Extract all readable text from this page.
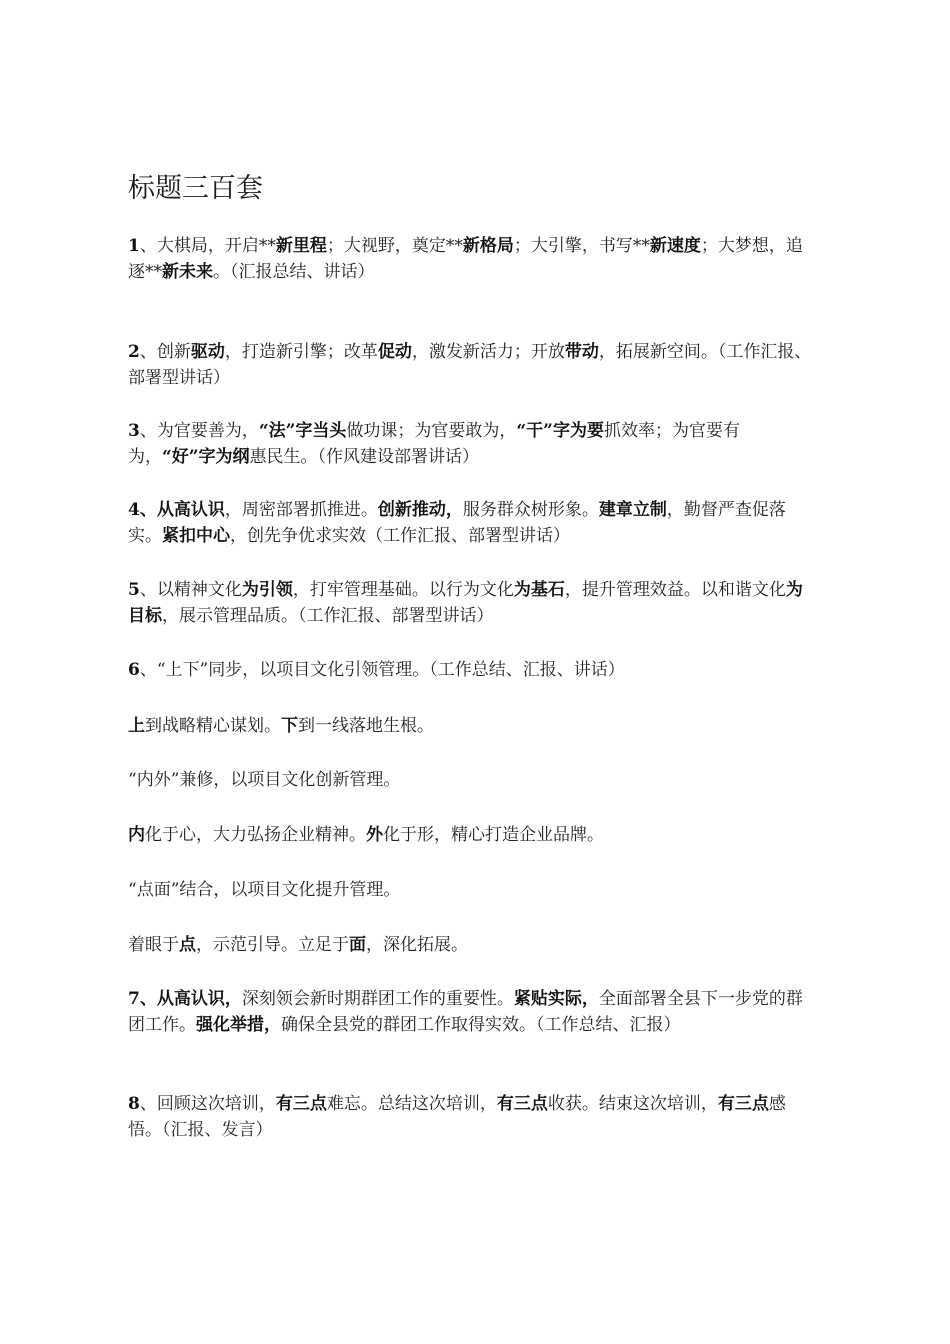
标题三百套

1、大棋局，开启**新里程；大视野，奠定**新格局；大引擎，书写**新速度；大梦想，追逐**新未来。（汇报总结、讲话）

2、创新驱动，打造新引擎；改革促动，激发新活力；开放带动，拓展新空间。（工作汇报、部署型讲话）

3、为官要善为，“法”字当头做功课；为官要敢为，“干”字为要抓效率；为官要有为，“好”字为纲惠民生。（作风建设部署讲话）

4、从高认识，周密部署抓推进。创新推动，服务群众树形象。建章立制，勤督严查促落实。紧扣中心，创先争优求实效（工作汇报、部署型讲话）

5、以精神文化为引领，打牢管理基础。以行为文化为基石，提升管理效益。以和谐文化为目标，展示管理品质。（工作汇报、部署型讲话）

6、“上下”同步，以项目文化引领管理。（工作总结、汇报、讲话）

上到战略精心谋划。下到一线落地生根。

“内外”兼修，以项目文化创新管理。

内化于心，大力弘扬企业精神。外化于形，精心打造企业品牌。

“点面”结合，以项目文化提升管理。

着眼于点，示范引导。立足于面，深化拓展。

7、从高认识，深刻领会新时期群团工作的重要性。紧贴实际，全面部署全县下一步党的群团工作。强化举措，确保全县党的群团工作取得实效。（工作总结、汇报）

8、回顾这次培训，有三点难忘。总结这次培训，有三点收获。结束这次培训，有三点感悟。（汇报、发言）
